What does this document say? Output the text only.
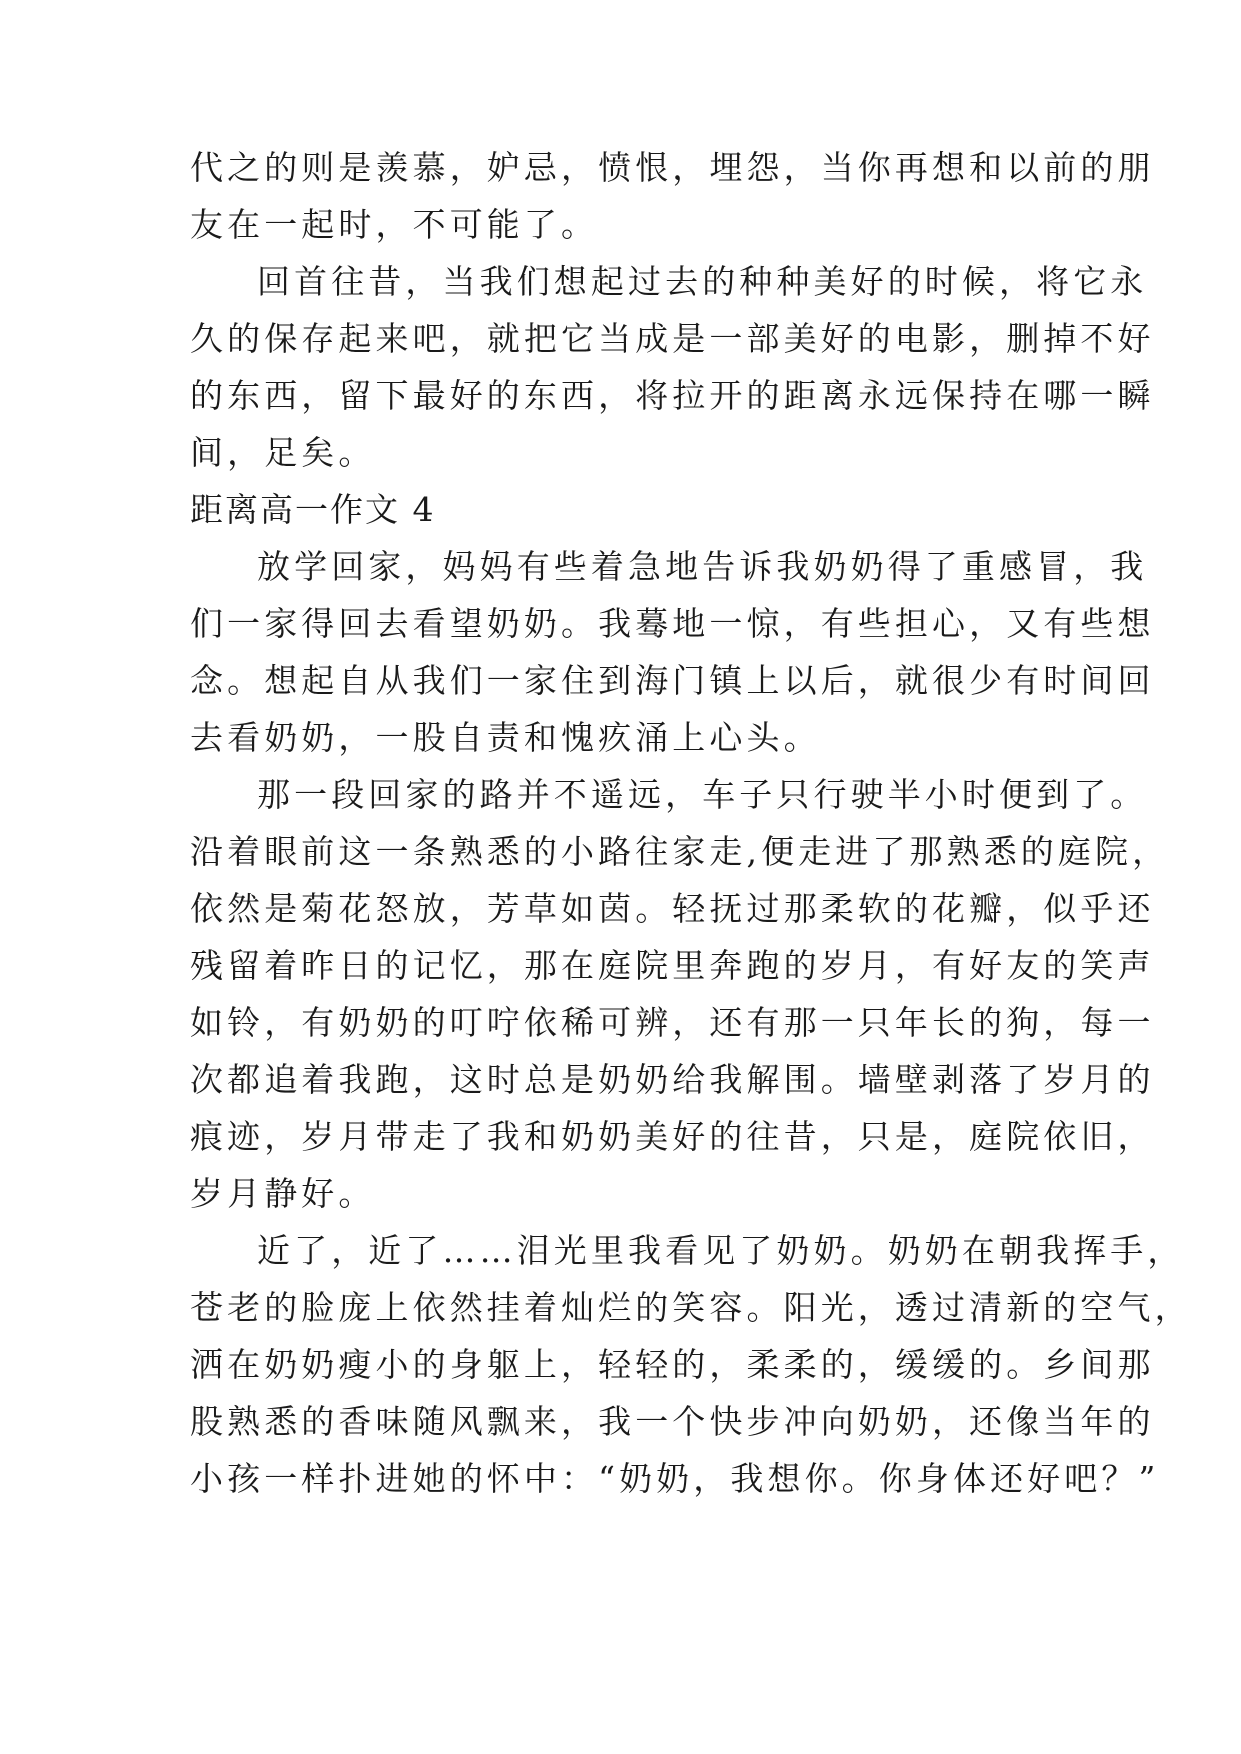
代之的则是羡慕，妒忌，愤恨，埋怨，当你再想和以前的朋
友在一起时，不可能了。
回首往昔，当我们想起过去的种种美好的时候，将它永
久的保存起来吧，就把它当成是一部美好的电影，删掉不好
的东西，留下最好的东西，将拉开的距离永远保持在哪一瞬
间，足矣。
距离高一作文 4
放学回家，妈妈有些着急地告诉我奶奶得了重感冒，我
们一家得回去看望奶奶。我蓦地一惊，有些担心，又有些想
念。想起自从我们一家住到海门镇上以后，就很少有时间回
去看奶奶，一股自责和愧疚涌上心头。
那一段回家的路并不遥远，车子只行驶半小时便到了。
沿着眼前这一条熟悉的小路往家走,便走进了那熟悉的庭院，
依然是菊花怒放，芳草如茵。轻抚过那柔软的花瓣，似乎还
残留着昨日的记忆，那在庭院里奔跑的岁月，有好友的笑声
如铃，有奶奶的叮咛依稀可辨，还有那一只年长的狗，每一
次都追着我跑，这时总是奶奶给我解围。墙壁剥落了岁月的
痕迹，岁月带走了我和奶奶美好的往昔，只是，庭院依旧，
岁月静好。
近了，近了……泪光里我看见了奶奶。奶奶在朝我挥手，
苍老的脸庞上依然挂着灿烂的笑容。阳光，透过清新的空气，
洒在奶奶瘦小的身躯上，轻轻的，柔柔的，缓缓的。乡间那
股熟悉的香味随风飘来，我一个快步冲向奶奶，还像当年的
小孩一样扑进她的怀中：“奶奶，我想你。你身体还好吧？”
